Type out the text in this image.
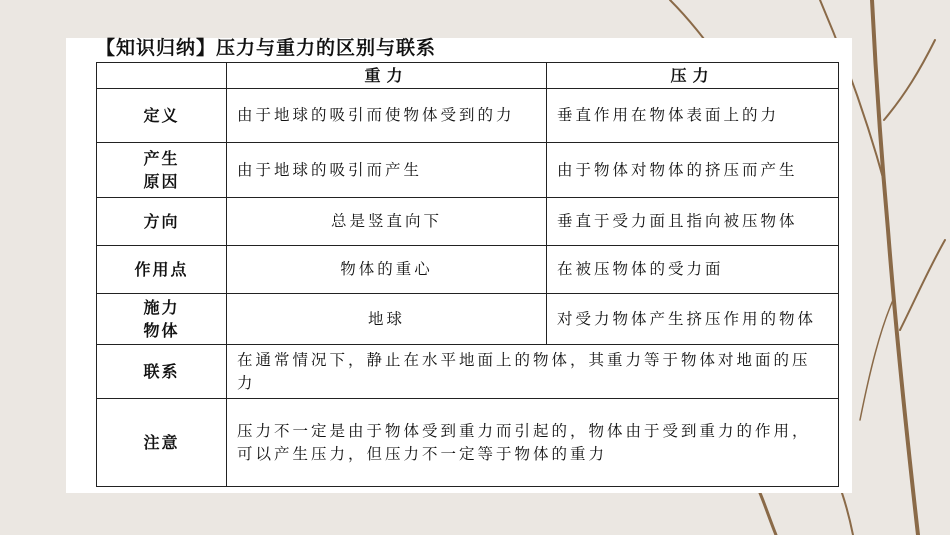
【知识归纳】压力与重力的区别与联系
	重力	压力
定义	由于地球的吸引而使物体受到的力	垂直作用在物体表面上的力

产生
原因	由于地球的吸引而产生	由于物体对物体的挤压而产生
方向	总是竖直向下	垂直于受力面且指向被压物体
作用点	物体的重心	在被压物体的受力面

施力
物体	地球	对受力物体产生挤压作用的物体
联系	在通常情况下，静止在水平地面上的物体，其重力等于物体对地面的压力	
注意	压力不一定是由于物体受到重力而引起的，物体由于受到重力的作用，可以产生压力，但压力不一定等于物体的重力	
